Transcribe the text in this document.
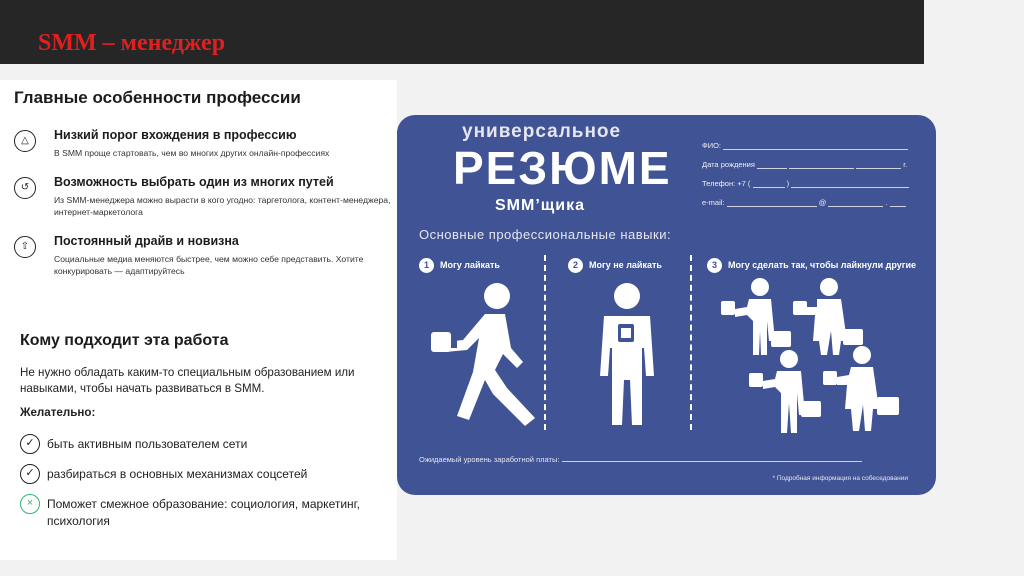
SMM – менеджер
Главные особенности профессии
△	Низкий порог вхождения в профессию
В SMM проще стартовать, чем во многих других онлайн-профессиях
↺	Возможность выбрать один из многих путей
Из SMM-менеджера можно вырасти в кого угодно: таргетолога, контент-менеджера, интернет-маркетолога
⇧	Постоянный драйв и новизна
Социальные медиа меняются быстрее, чем можно себе представить. Хотите конкурировать — адаптируйтесь
Кому подходит эта работа
Не нужно обладать каким-то специальным образованием или навыками, чтобы начать развиваться в SMM.
Желательно:
✓	быть активным пользователем сети
✓	разбираться в основных механизмах соцсетей
×	Поможет смежное образование: социология, маркетинг, психология
универсальное
РЕЗЮМЕ
SMM’щика
ФИО:
Дата рождения	г.
Телефон: +7 (	)
e-mail:	@	.
Основные профессиональные навыки:
1 Могу лайкать	2 Могу не лайкать	3 Могу сделать так, чтобы лайкнули другие
Ожидаемый уровень заработной платы:
* Подробная информация на собеседовании
